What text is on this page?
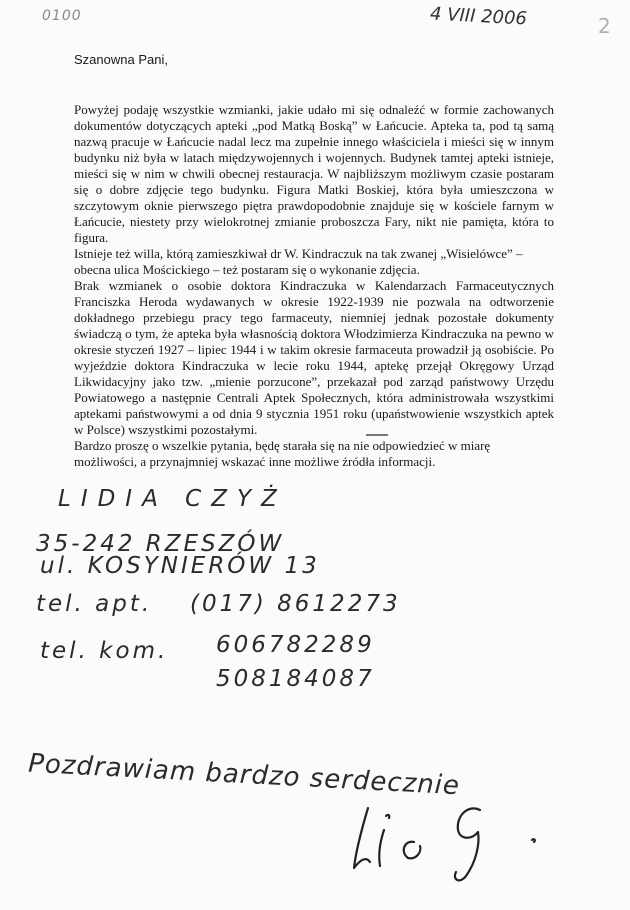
0100	4 VIII 2006	2

Szanowna Pani,

Powyżej podaję wszystkie wzmianki, jakie udało mi się odnaleźć w formie zachowanych dokumentów dotyczących apteki „pod Matką Boską” w Łańcucie. Apteka ta, pod tą samą nazwą pracuje w Łańcucie nadal lecz ma zupełnie innego właściciela i mieści się w innym budynku niż była w latach międzywojennych i wojennych. Budynek tamtej apteki istnieje, mieści się w nim w chwili obecnej restauracja. W najbliższym możliwym czasie postaram się o dobre zdjęcie tego budynku. Figura Matki Boskiej, która była umieszczona w szczytowym oknie pierwszego piętra prawdopodobnie znajduje się w kościele farnym w Łańcucie, niestety przy wielokrotnej zmianie proboszcza Fary, nikt nie pamięta, która to figura.

Istnieje też willa, którą zamieszkiwał dr W. Kindraczuk na tak zwanej „Wisielówce” – obecna ulica Mościckiego – też postaram się o wykonanie zdjęcia.

Brak wzmianek o osobie doktora Kindraczuka w Kalendarzach Farmaceutycznych Franciszka Heroda wydawanych w okresie 1922-1939 nie pozwala na odtworzenie dokładnego przebiegu pracy tego farmaceuty, niemniej jednak pozostałe dokumenty świadczą o tym, że apteka była własnością doktora Włodzimierza Kindraczuka na pewno w okresie styczeń 1927 – lipiec 1944 i w takim okresie farmaceuta prowadził ją osobiście. Po wyjeździe doktora Kindraczuka w lecie roku 1944, aptekę przejął Okręgowy Urząd Likwidacyjny jako tzw. „mienie porzucone”, przekazał pod zarząd państwowy Urzędu Powiatowego a następnie Centrali Aptek Społecznych, która administrowała wszystkimi aptekami państwowymi a od dnia 9 stycznia 1951 roku (upaństwowienie wszystkich aptek w Polsce) wszystkimi pozostałymi.

Bardzo proszę o wszelkie pytania, będę starała się na nie odpowiedzieć w miarę możliwości, a przynajmniej wskazać inne możliwe źródła informacji.

LIDIA CZYŻ
35-242 RZESZÓW
ul. KOSYNIERÓW 13
tel. apt. (017) 8612273
tel. kom. 606782289
508184087
Pozdrawiam bardzo serdecznie
